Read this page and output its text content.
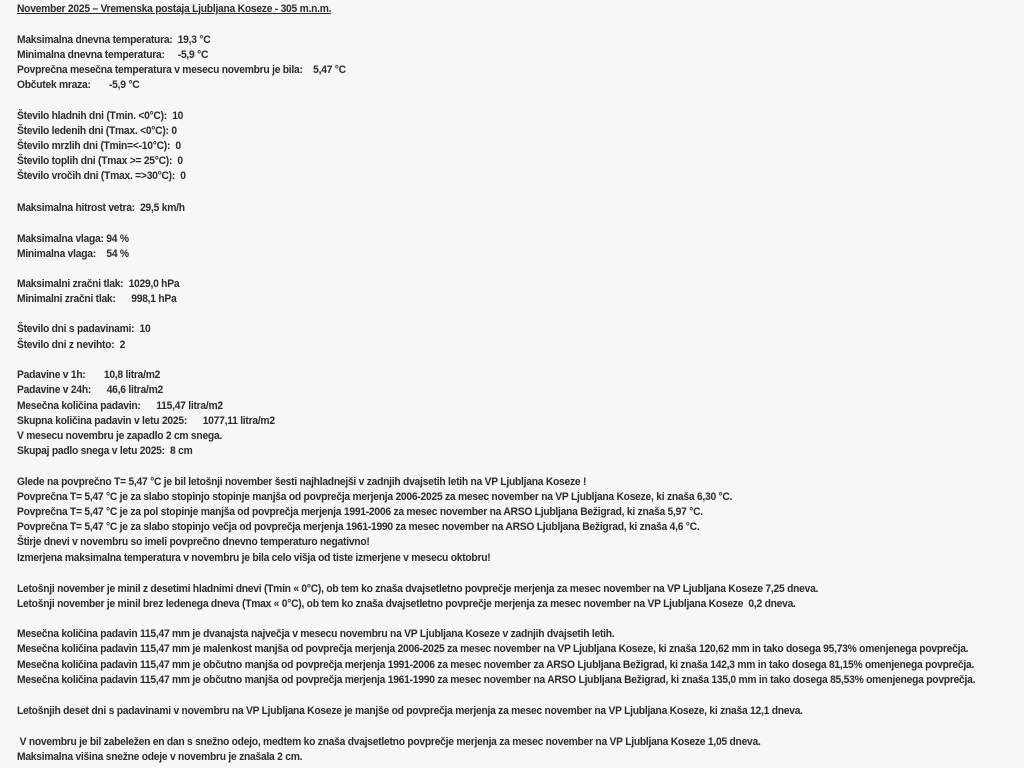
November 2025 – Vremenska postaja Ljubljana Koseze - 305 m.n.m.
Maksimalna dnevna temperatura:  19,3 °C
Minimalna dnevna temperatura:     -5,9 °C
Povprečna mesečna temperatura v mesecu novembru je bila:    5,47 °C
Občutek mraza:       -5,9 °C
Število hladnih dni (Tmin. <0°C):  10
Število ledenih dni (Tmax. <0°C): 0
Število mrzlih dni (Tmin=<-10°C):  0
Število toplih dni (Tmax >= 25°C):  0
Število vročih dni (Tmax. =>30°C):  0
Maksimalna hitrost vetra:  29,5 km/h
Maksimalna vlaga: 94 %
Minimalna vlaga:    54 %
Maksimalni zračni tlak:  1029,0 hPa
Minimalni zračni tlak:      998,1 hPa
Število dni s padavinami:  10
Število dni z nevihto:  2
Padavine v 1h:       10,8 litra/m2
Padavine v 24h:      46,6 litra/m2
Mesečna količina padavin:      115,47 litra/m2
Skupna količina padavin v letu 2025:      1077,11 litra/m2
V mesecu novembru je zapadlo 2 cm snega.
Skupaj padlo snega v letu 2025:  8 cm
Glede na povprečno T= 5,47 °C je bil letošnji november šesti najhladnejši v zadnjih dvajsetih letih na VP Ljubljana Koseze !
Povprečna T= 5,47 °C je za slabo stopinjo stopinje manjša od povprečja merjenja 2006-2025 za mesec november na VP Ljubljana Koseze, ki znaša 6,30 °C.
Povprečna T= 5,47 °C je za pol stopinje manjša od povprečja merjenja 1991-2006 za mesec november na ARSO Ljubljana Bežigrad, ki znaša 5,97 °C.
Povprečna T= 5,47 °C je za slabo stopinjo večja od povprečja merjenja 1961-1990 za mesec november na ARSO Ljubljana Bežigrad, ki znaša 4,6 °C.
Štirje dnevi v novembru so imeli povprečno dnevno temperaturo negativno!
Izmerjena maksimalna temperatura v novembru je bila celo višja od tiste izmerjene v mesecu oktobru!
Letošnji november je minil z desetimi hladnimi dnevi (Tmin « 0°C), ob tem ko znaša dvajsetletno povprečje merjenja za mesec november na VP Ljubljana Koseze 7,25 dneva.
Letošnji november je minil brez ledenega dneva (Tmax « 0°C), ob tem ko znaša dvajsetletno povprečje merjenja za mesec november na VP Ljubljana Koseze  0,2 dneva.
Mesečna količina padavin 115,47 mm je dvanajsta največja v mesecu novembru na VP Ljubljana Koseze v zadnjih dvajsetih letih.
Mesečna količina padavin 115,47 mm je malenkost manjša od povprečja merjenja 2006-2025 za mesec november na VP Ljubljana Koseze, ki znaša 120,62 mm in tako dosega 95,73% omenjenega povprečja.
Mesečna količina padavin 115,47 mm je občutno manjša od povprečja merjenja 1991-2006 za mesec november za ARSO Ljubljana Bežigrad, ki znaša 142,3 mm in tako dosega 81,15% omenjenega povprečja.
Mesečna količina padavin 115,47 mm je občutno manjša od povprečja merjenja 1961-1990 za mesec november na ARSO Ljubljana Bežigrad, ki znaša 135,0 mm in tako dosega 85,53% omenjenega povprečja.
Letošnjih deset dni s padavinami v novembru na VP Ljubljana Koseze je manjše od povprečja merjenja za mesec november na VP Ljubljana Koseze, ki znaša 12,1 dneva.
V novembru je bil zabeležen en dan s snežno odejo, medtem ko znaša dvajsetletno povprečje merjenja za mesec november na VP Ljubljana Koseze 1,05 dneva.
Maksimalna višina snežne odeje v novembru je znašala 2 cm.
